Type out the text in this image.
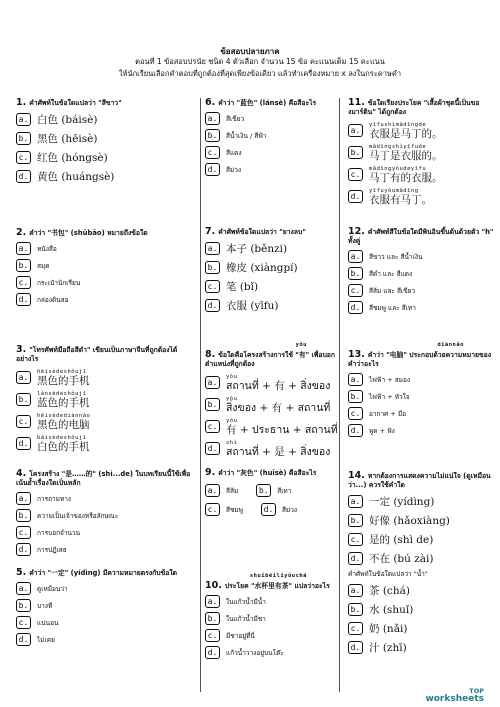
ข้อสอบปลายภาค
ตอนที่ 1 ข้อสอบปรนัย ชนิด 4 ตัวเลือก จำนวน 15 ข้อ คะแนนเต็ม 15 คะแนน
ให้นักเรียนเลือกคำตอบที่ถูกต้องที่สุดเพียงข้อเดียว แล้วทำเครื่องหมาย x ลงในกระดาษคำ
1. คำศัพท์ในข้อใดแปลว่า "สีขาว"
a. 白色 (báisè)
b. 黑色 (hēisè)
c. 红色 (hóngsè)
d. 黄色 (huángsè)
2. คำว่า "书包" (shūbāo) หมายถึงข้อใด
a.	หนังสือ
b.	สมุด
c.	กระเป๋านักเรียน
d.	กล่องดินสอ
3. "โทรศัพท์มือถือสีดำ" เขียนเป็นภาษาจีนที่ถูกต้องได้อย่างไร
a.
hēisèdeshǒujī
黑色的手机
b.
lánsèdeshǒujī
蓝色的手机
c.
hēisèdediànnǎo
黑色的电脑
d.
báisèdeshǒujī
白色的手机
4. โครงสร้าง "是……的" (shì...de) ในบทเรียนนี้ใช้เพื่อเน้นย้ำเรื่องใดเป็นหลัก
a.	การถามทาง
b.	ความเป็นเจ้าของหรือลักษณะ
c.	การบอกจำนวน
d.	การปฏิเสธ
5. คำว่า "一定" (yídìng) มีความหมายตรงกับข้อใด
a.	ดูเหมือนว่า
b.	บางที
c.	แน่นอน
d.	ไม่เคย
6. คำว่า "蓝色" (lánsè) คือสีอะไร
a.	สีเขียว
b.	สีน้ำเงิน / สีฟ้า
c.	สีแดง
d.	สีม่วง
7. คำศัพท์ข้อใดแปลว่า "ยางลบ"
a. 本子 (běnzi)
b. 橡皮 (xiàngpí)
c. 笔 (bǐ)
d. 衣服 (yīfu)
yǒu
8. ข้อใดคือโครงสร้างการใช้ "有" เพื่อบอกตำแหน่งที่ถูกต้อง
a.
yǒu
สถานที่ + 有 + สิ่งของ
b.
yǒu
สิ่งของ + 有 + สถานที่
c.
yǒu
有 + ประธาน + สถานที่
d.
shì
สถานที่ + 是 + สิ่งของ
9. คำว่า "灰色" (huīsè) คือสีอะไร
a.	สีส้ม	b.	สีเทา
c.	สีชมพู	d.	สีม่วง
shuǐbēilǐyǒuchá
10. ประโยค "水杯里有茶" แปลว่าอะไร
a.	ในแก้วน้ำมีน้ำ
b.	ในแก้วน้ำมีชา
c.	มีชาอยู่ที่นี่
d.	แก้วน้ำวางอยู่บนโต๊ะ
11. ข้อใดเรียงประโยค "เสื้อผ้าชุดนี้เป็นของมาร์ติน" ได้ถูกต้อง
a.
yīfushìmǎdīngde
衣服是马丁的。
b.
mǎdīngshìyīfude
马丁是衣服的。
c.
mǎdīngyǒudeyīfu
马丁有的衣服。
d.
yīfuyǒumǎdīng
衣服有马丁。
12. คำศัพท์สีในข้อใดมีพินอินขึ้นต้นด้วยตัว "h" ทั้งคู่
a.	สีขาว และ สีน้ำเงิน
b.	สีดำ และ สีแดง
c.	สีส้ม และ สีเขียว
d.	สีชมพู และ สีเทา
diànnǎo
13. คำว่า "电脑" ประกอบด้วยความหมายของคำว่าอะไร
a.	ไฟฟ้า + สมอง
b.	ไฟฟ้า + หัวใจ
c.	อากาศ + มือ
d.	พูด + ฟัง
14. หากต้องการแสดงความไม่แน่ใจ (ดูเหมือนว่า...) ควรใช้คำใด
a. 一定 (yídìng)
b. 好像 (hǎoxiàng)
c. 是的 (shì de)
d. 不在 (bú zài)
คำศัพท์ในข้อใดแปลว่า "น้ำ"
a. 茶 (chá)
b. 水 (shuǐ)
c. 奶 (nǎi)
d. 汁 (zhī)
TOP
worksheets
